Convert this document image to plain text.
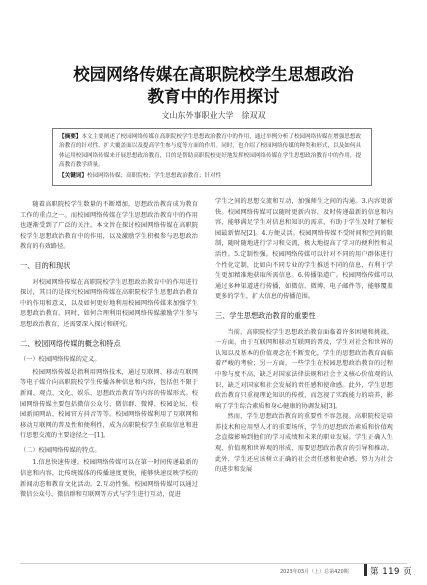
校园网络传媒在高职院校学生思想政治
教育中的作用探讨
文山东外事职业大学　徐双双
【摘要】本文主要阐述了校园网络传媒在高职院校学生思想政治教育中的作用，通过举例分析了校园网络传媒在增强思想政治教育的针对性、扩大覆盖面以及提高学生参与度等方面的作用。同时，也介绍了校园网络传媒的种类和形式，以及如何具体运用校园网络传媒来开展思想政治教育，目的是帮助高职院校更好地发挥校园网络传媒在学生思想政治教育中的作用，提高教育教学质量。
【关键词】校园网络传媒；高职院校；学生思想政治教育；针对性

随着高职院校学生数量的不断增加，思想政治教育成为教育工作的重点之一。而校园网络传媒在学生思想政治教育中的作用也逐渐受到了广泛的关注。本文旨在探讨校园网络传媒在高职院校学生思想政治教育中的作用，以及激励学生积极参与思想政治教育的有效路径。

一、目的和现状

对校园网络传媒在高职院校学生思想政治教育中的作用进行探讨，其目的是探究校园网络传媒在高职院校学生思想政治教育中的作用和意义，以及如何更好地利用校园网络传媒来加强学生思想政治教育。同时，如何合理利用校园网络传媒激励学生参与思想政治教育，还需要深入探讨和研究。

二、校园网络传媒的概念和特点

（一）校园网络传媒的定义。

校园网络传媒是指利用网络技术，通过互联网、移动互联网等电子媒介向高职院校学生传播各种信息和内容，包括但不限于新闻、观点、文化、娱乐、思想政治教育等内容的传媒形式。校园网络传媒主要包括微信公众号、微信群、微博、校园论坛、校园新闻网站、校园官方抖音等等。校园网络传媒利用了互联网和移动互联网的普及性和便利性，成为高职院校学生获取信息和进行思想交流的主要途径之一[1]。

（二）校园网络传媒的特点。

1.信息快速传递。校园网络传媒可以在第一时间传递最新的信息和内容，比传统媒体的传播速度更快，能够快速反映学校的新闻动态和教育文化活动。2.互动性强。校园网络传媒可以通过微信公众号、微信群和互联网等方式与学生进行互动，促进

学生之间的思想交流和互动，加强师生之间的沟通。3.内容更新快。校园网络传媒可以随时更新内容，及时传递最新的信息和内容，能够满足学生对信息和知识的需求，有助于学生及时了解校园最新情况[2]。4.方便灵活。校园网络传媒不受时间和空间的限制，随时随地进行学习和交流，极大地提高了学习的便利性和灵活性。5.定制性强。校园网络传媒可以针对不同的用户群体进行个性化定制，比如向不同专业的学生推送不同的信息，有利于学生更加精准地获取所需信息。6.传播渠道广。校园网络传媒可以通过多种渠道进行传播，如微信、微博、电子邮件等，能够覆盖更多的学生，扩大信息的传播范围。

三、学生思想政治教育的重要性

当前，高职院校学生思想政治教育面临着许多困境和挑战。一方面，由于互联网和移动互联网的普及，学生对社会和世界的认知以及基本的价值观念在不断变化，学生的思想政治教育面临着严峻的考验；另一方面，一些学生在校园思想政治教育的过程中参与度不高，缺乏对国家法律法规和社会主义核心价值观的认识，缺乏对国家和社会发展的责任感和使命感。此外，学生思想政治教育只重视理论知识的传授，而忽视了实践能力的培养，影响了学生综合素质和身心健康的协调发展[3]。

然而，学生思想政治教育的重要性不容忽视。高职院校是培养技术和应用型人才的重要场所，学生的思想政治素质和价值观念直接影响到他们的学习成绩和未来的职业发展。学生正确人生观、价值观和世界观的形成，需要思想政治教育的引导和推动。此外，学生还应该树立正确的社会责任感和使命感，努力为社会的进步和发展

2023年03月（上）总第420期	第 119 页
